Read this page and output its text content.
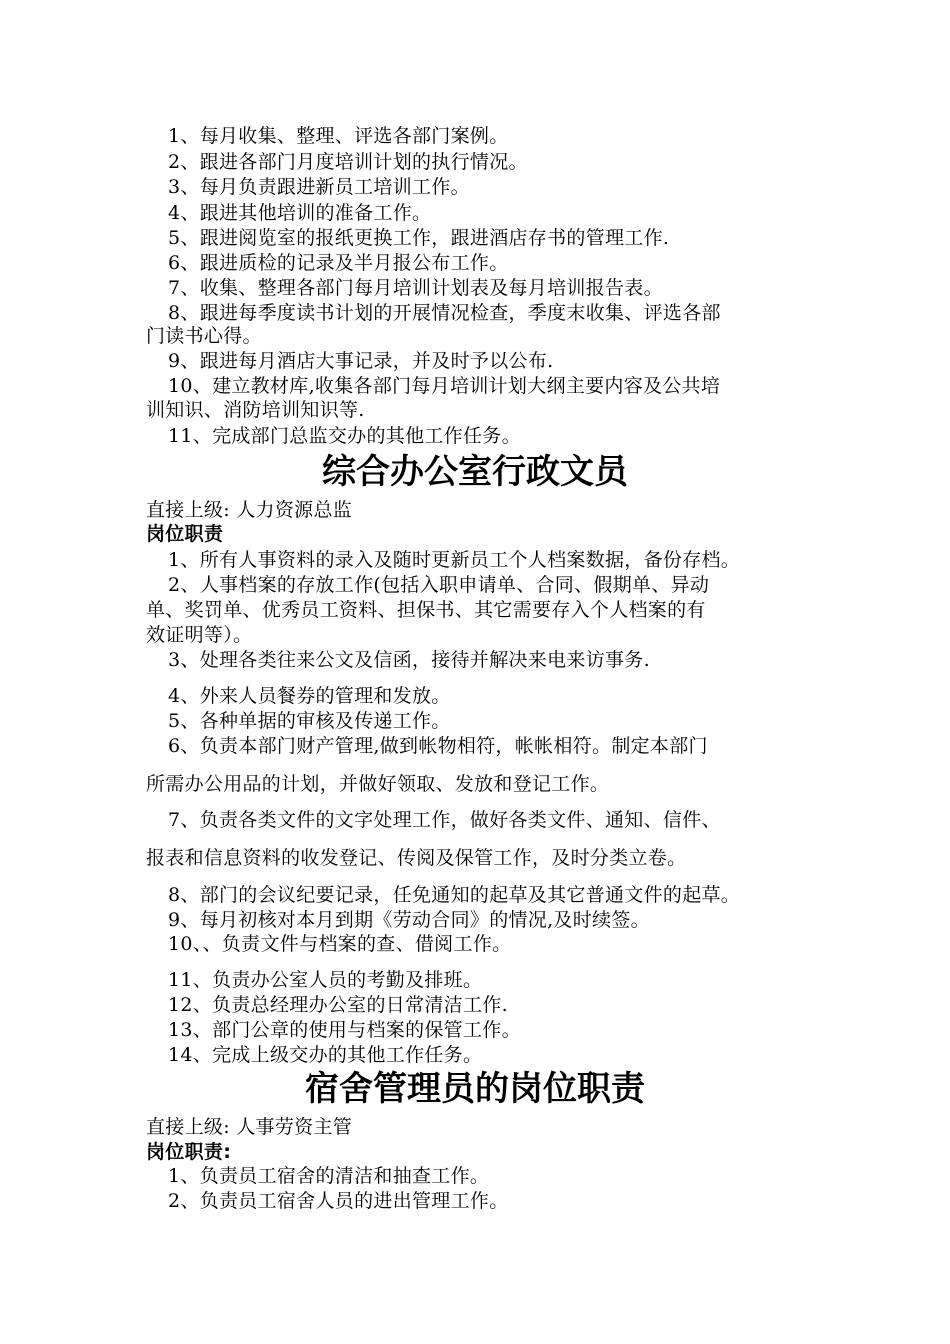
1、每月收集、整理、评选各部门案例。
2、跟进各部门月度培训计划的执行情况。
3、每月负责跟进新员工培训工作。
4、跟进其他培训的准备工作。
5、跟进阅览室的报纸更换工作，跟进酒店存书的管理工作.
6、跟进质检的记录及半月报公布工作。
7、收集、整理各部门每月培训计划表及每月培训报告表。
8、跟进每季度读书计划的开展情况检查，季度末收集、评选各部
门读书心得。
9、跟进每月酒店大事记录，并及时予以公布.
10、建立教材库,收集各部门每月培训计划大纲主要内容及公共培
训知识、消防培训知识等.
11、完成部门总监交办的其他工作任务。
综合办公室行政文员
直接上级: 人力资源总监
岗位职责
1、所有人事资料的录入及随时更新员工个人档案数据，备份存档。
2、人事档案的存放工作(包括入职申请单、合同、假期单、异动
单、奖罚单、优秀员工资料、担保书、其它需要存入个人档案的有
效证明等）。
3、处理各类往来公文及信函，接待并解决来电来访事务.
4、外来人员餐券的管理和发放。
5、各种单据的审核及传递工作。
6、负责本部门财产管理,做到帐物相符，帐帐相符。制定本部门
所需办公用品的计划，并做好领取、发放和登记工作。
7、负责各类文件的文字处理工作，做好各类文件、通知、信件、
报表和信息资料的收发登记、传阅及保管工作，及时分类立卷。
8、部门的会议纪要记录，任免通知的起草及其它普通文件的起草。
9、每月初核对本月到期《劳动合同》的情况,及时续签。
10、、负责文件与档案的查、借阅工作。
11、负责办公室人员的考勤及排班。
12、负责总经理办公室的日常清洁工作.
13、部门公章的使用与档案的保管工作。
14、完成上级交办的其他工作任务。
宿舍管理员的岗位职责
直接上级: 人事劳资主管
岗位职责:
1、负责员工宿舍的清洁和抽查工作。
2、负责员工宿舍人员的进出管理工作。
